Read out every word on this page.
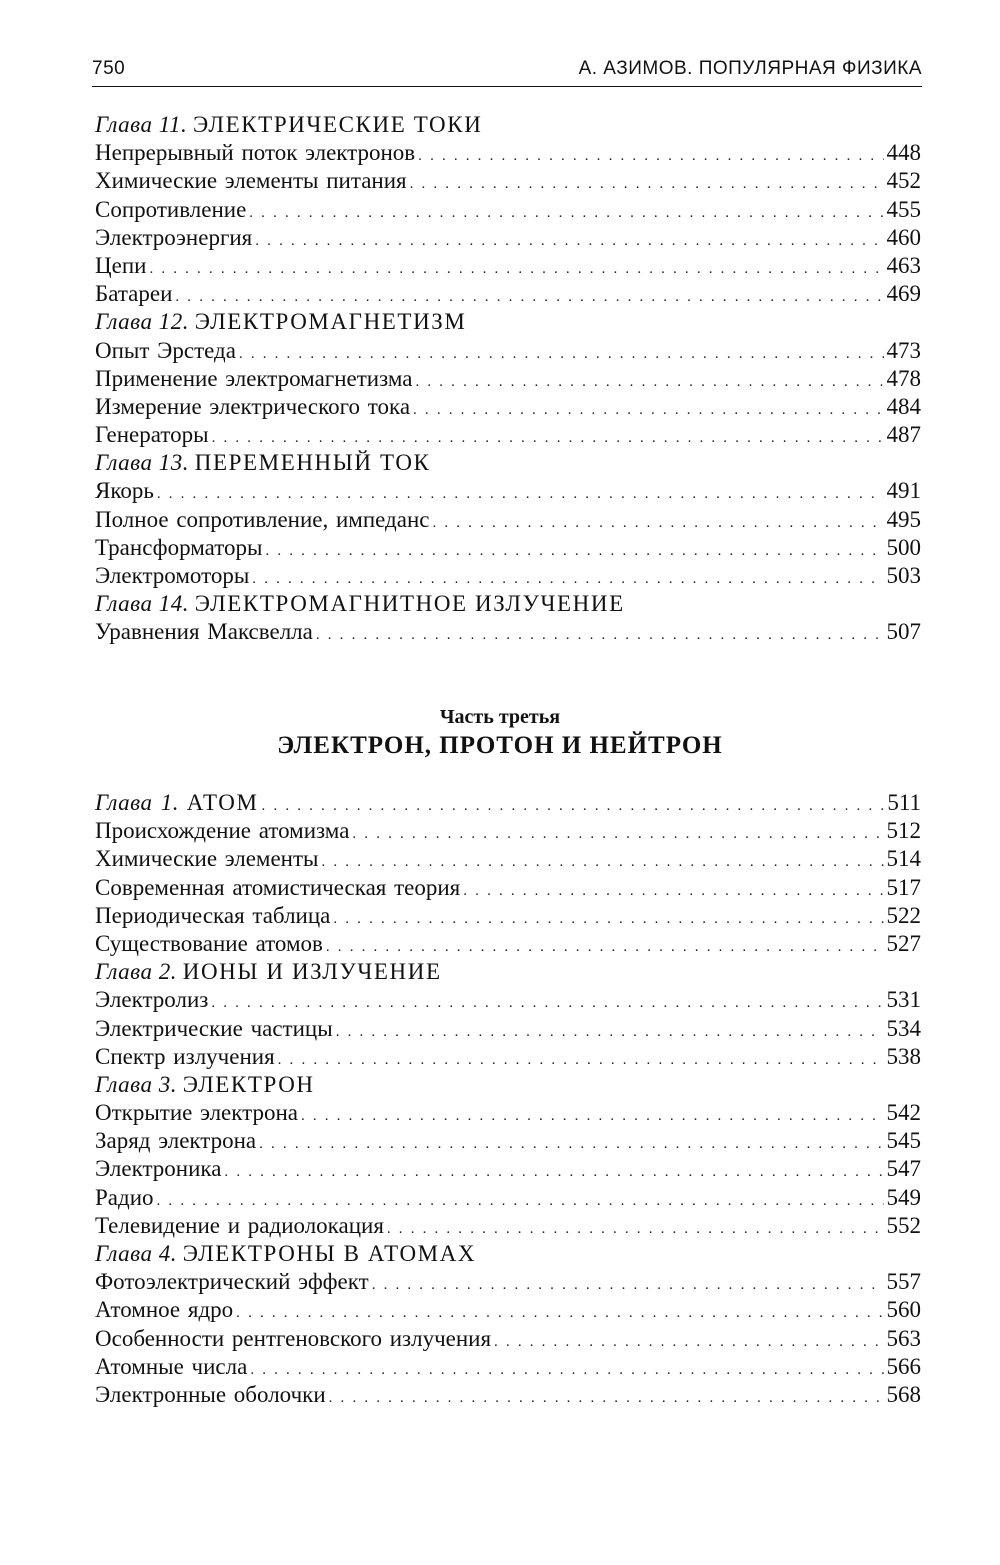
750	А. АЗИМОВ. ПОПУЛЯРНАЯ ФИЗИКА
Глава 11. ЭЛЕКТРИЧЕСКИЕ ТОКИ
Непрерывный поток электронов . . .	448
Химические элементы питания . . .	452
Сопротивление . . .	455
Электроэнергия . . .	460
Цепи . . .	463
Батареи . . .	469
Глава 12. ЭЛЕКТРОМАГНЕТИЗМ
Опыт Эрстеда . . .	473
Применение электромагнетизма . . .	478
Измерение электрического тока . . .	484
Генераторы . . .	487
Глава 13. ПЕРЕМЕННЫЙ ТОК
Якорь . . .	491
Полное сопротивление, импеданс . . .	495
Трансформаторы . . .	500
Электромоторы . . .	503
Глава 14. ЭЛЕКТРОМАГНИТНОЕ ИЗЛУЧЕНИЕ
Уравнения Максвелла . . .	507
Часть третья
ЭЛЕКТРОН, ПРОТОН И НЕЙТРОН
Глава 1. АТОМ . . .	511
Происхождение атомизма . . .	512
Химические элементы . . .	514
Современная атомистическая теория . . .	517
Периодическая таблица . . .	522
Существование атомов . . .	527
Глава 2. ИОНЫ И ИЗЛУЧЕНИЕ
Электролиз . . .	531
Электрические частицы . . .	534
Спектр излучения . . .	538
Глава 3. ЭЛЕКТРОН
Открытие электрона . . .	542
Заряд электрона . . .	545
Электроника . . .	547
Радио . . .	549
Телевидение и радиолокация . . .	552
Глава 4. ЭЛЕКТРОНЫ В АТОМАХ
Фотоэлектрический эффект . . .	557
Атомное ядро . . .	560
Особенности рентгеновского излучения . . .	563
Атомные числа . . .	566
Электронные оболочки . . .	568
